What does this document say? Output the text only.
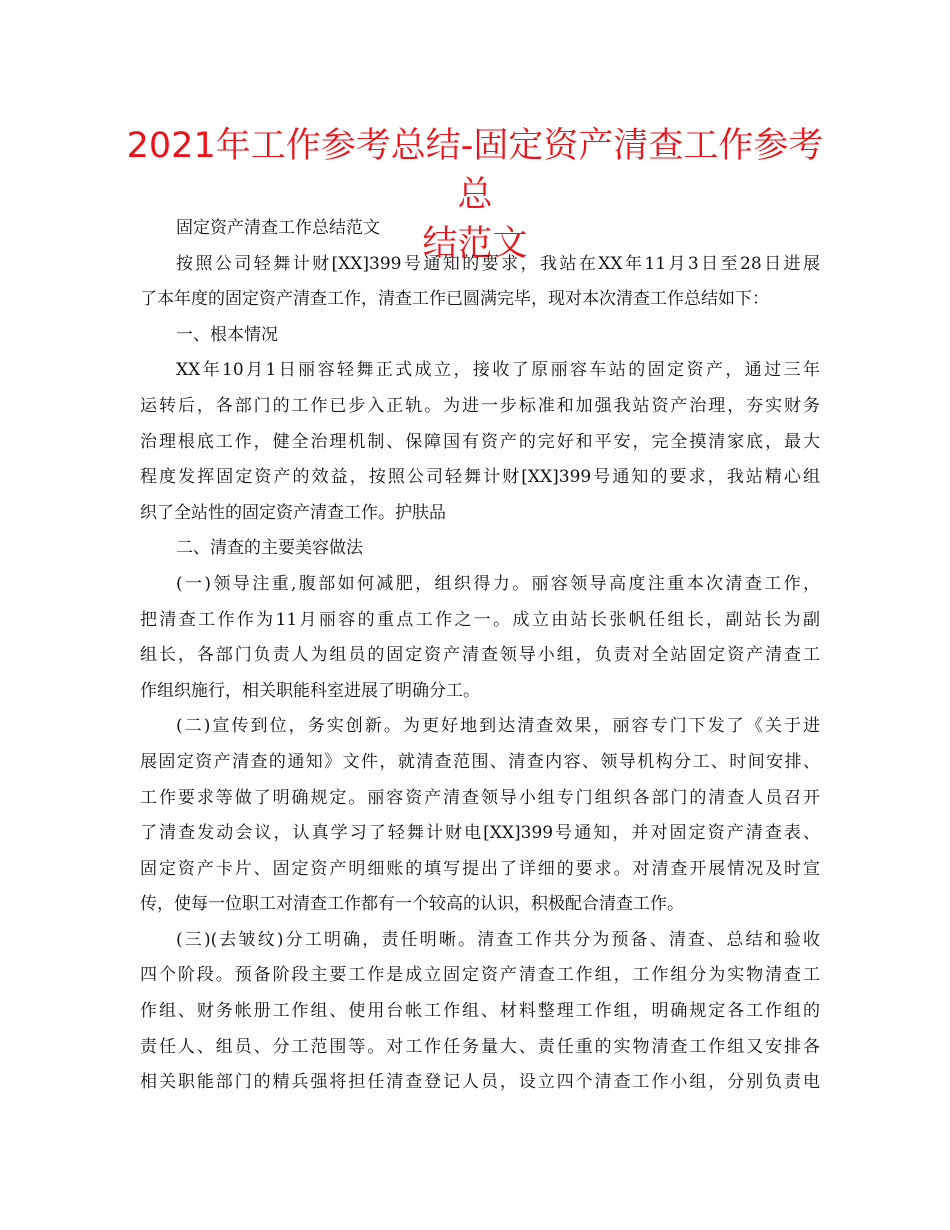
2021年工作参考总结-固定资产清查工作参考总
结范文
固定资产清查工作总结范文
按照公司轻舞计财[XX]399号通知的要求，我站在XX年11月3日至28日进展
了本年度的固定资产清查工作，清查工作已圆满完毕，现对本次清查工作总结如下：
一、根本情况
XX年10月1日丽容轻舞正式成立，接收了原丽容车站的固定资产，通过三年
运转后，各部门的工作已步入正轨。为进一步标准和加强我站资产治理，夯实财务
治理根底工作，健全治理机制、保障国有资产的完好和平安，完全摸清家底，最大
程度发挥固定资产的效益，按照公司轻舞计财[XX]399号通知的要求，我站精心组
织了全站性的固定资产清查工作。护肤品
二、清查的主要美容做法
(一)领导注重,腹部如何减肥，组织得力。丽容领导高度注重本次清查工作，
把清查工作作为11月丽容的重点工作之一。成立由站长张帆任组长，副站长为副
组长，各部门负责人为组员的固定资产清查领导小组，负责对全站固定资产清查工
作组织施行，相关职能科室进展了明确分工。
(二)宣传到位，务实创新。为更好地到达清查效果，丽容专门下发了《关于进
展固定资产清查的通知》文件，就清查范围、清查内容、领导机构分工、时间安排、
工作要求等做了明确规定。丽容资产清查领导小组专门组织各部门的清查人员召开
了清查发动会议，认真学习了轻舞计财电[XX]399号通知，并对固定资产清查表、
固定资产卡片、固定资产明细账的填写提出了详细的要求。对清查开展情况及时宣
传，使每一位职工对清查工作都有一个较高的认识，积极配合清查工作。
(三)(去皱纹)分工明确，责任明晰。清查工作共分为预备、清查、总结和验收
四个阶段。预备阶段主要工作是成立固定资产清查工作组，工作组分为实物清查工
作组、财务帐册工作组、使用台帐工作组、材料整理工作组，明确规定各工作组的
责任人、组员、分工范围等。对工作任务量大、责任重的实物清查工作组又安排各
相关职能部门的精兵强将担任清查登记人员，设立四个清查工作小组，分别负责电
